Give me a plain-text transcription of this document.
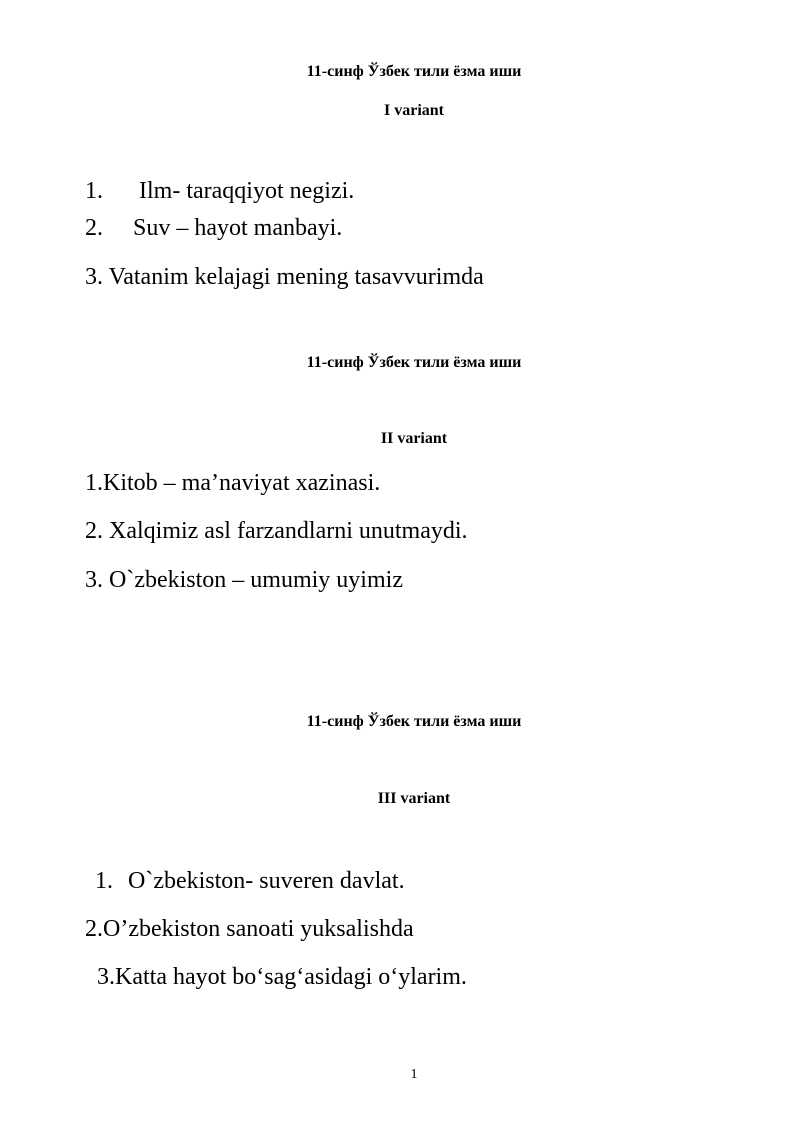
11-синф Ўзбек тили ёзма иши

I variant

1. Ilm- taraqqiyot negizi.

2. Suv – hayot manbayi.

3. Vatanim kelajagi mening tasavvurimda

11-синф Ўзбек тили ёзма иши

II variant

1.Kitob – ma’naviyat xazinasi.

2. Xalqimiz asl farzandlarni unutmaydi.

3. O`zbekiston – umumiy uyimiz

11-синф Ўзбек тили ёзма иши

III variant

1. O`zbekiston- suveren davlat.

2.O’zbekiston sanoati yuksalishda

3.Katta hayot bo‘sag‘asidagi o‘ylarim.

1
